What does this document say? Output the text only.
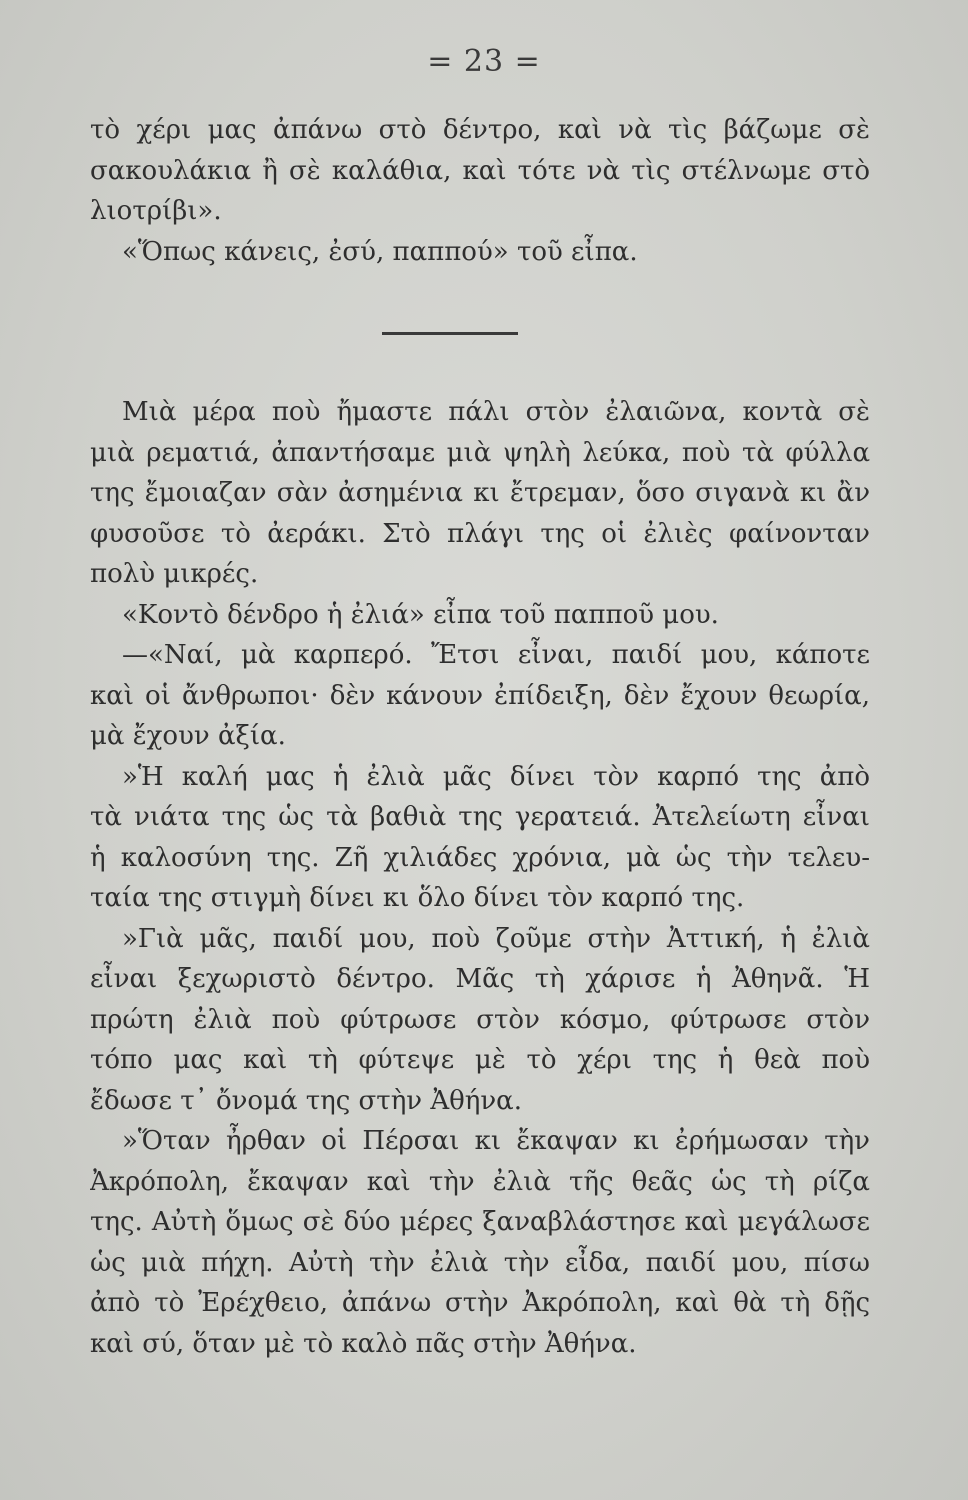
= 23 =
τὸ χέρι μας ἀπάνω στὸ δέντρο, καὶ νὰ τὶς βάζωμε σὲ
σακουλάκια ἢ σὲ καλάθια, καὶ τότε νὰ τὶς στέλνωμε στὸ
λιοτρίβι».
«Ὅπως κάνεις, ἐσύ, παππού» τοῦ εἶπα.
Μιὰ μέρα ποὺ ἤμαστε πάλι στὸν ἐλαιῶνα, κοντὰ σὲ
μιὰ ρεματιά, ἀπαντήσαμε μιὰ ψηλὴ λεύκα, ποὺ τὰ φύλλα
της ἔμοιαζαν σὰν ἀσημένια κι ἔτρεμαν, ὅσο σιγανὰ κι ἂν
φυσοῦσε τὸ ἀεράκι. Στὸ πλάγι της οἱ ἐλιὲς φαίνονταν
πολὺ μικρές.
«Κοντὸ δένδρο ἡ ἐλιά» εἶπα τοῦ παπποῦ μου.
—«Ναί, μὰ καρπερό. Ἔτσι εἶναι, παιδί μου, κάποτε
καὶ οἱ ἄνθρωποι· δὲν κάνουν ἐπίδειξη, δὲν ἔχουν θεωρία,
μὰ ἔχουν ἀξία.
»Ἡ καλή μας ἡ ἐλιὰ μᾶς δίνει τὸν καρπό της ἀπὸ
τὰ νιάτα της ὡς τὰ βαθιὰ της γερατειά. Ἀτελείωτη εἶναι
ἡ καλοσύνη της. Ζῆ χιλιάδες χρόνια, μὰ ὡς τὴν τελευ-
ταία της στιγμὴ δίνει κι ὅλο δίνει τὸν καρπό της.
»Γιὰ μᾶς, παιδί μου, ποὺ ζοῦμε στὴν Ἀττική, ἡ ἐλιὰ
εἶναι ξεχωριστὸ δέντρο. Μᾶς τὴ χάρισε ἡ Ἀθηνᾶ. Ἡ
πρώτη ἐλιὰ ποὺ φύτρωσε στὸν κόσμο, φύτρωσε στὸν
τόπο μας καὶ τὴ φύτεψε μὲ τὸ χέρι της ἡ θεὰ ποὺ
ἔδωσε τ᾽ ὄνομά της στὴν Ἀθήνα.
»Ὅταν ἦρθαν οἱ Πέρσαι κι ἔκαψαν κι ἐρήμωσαν τὴν
Ἀκρόπολη, ἔκαψαν καὶ τὴν ἐλιὰ τῆς θεᾶς ὡς τὴ ρίζα
της. Αὐτὴ ὅμως σὲ δύο μέρες ξαναβλάστησε καὶ μεγάλωσε
ὡς μιὰ πήχη. Αὐτὴ τὴν ἐλιὰ τὴν εἶδα, παιδί μου, πίσω
ἀπὸ τὸ Ἐρέχθειο, ἀπάνω στὴν Ἀκρόπολη, καὶ θὰ τὴ δῇς
καὶ σύ, ὅταν μὲ τὸ καλὸ πᾶς στὴν Ἀθήνα.
